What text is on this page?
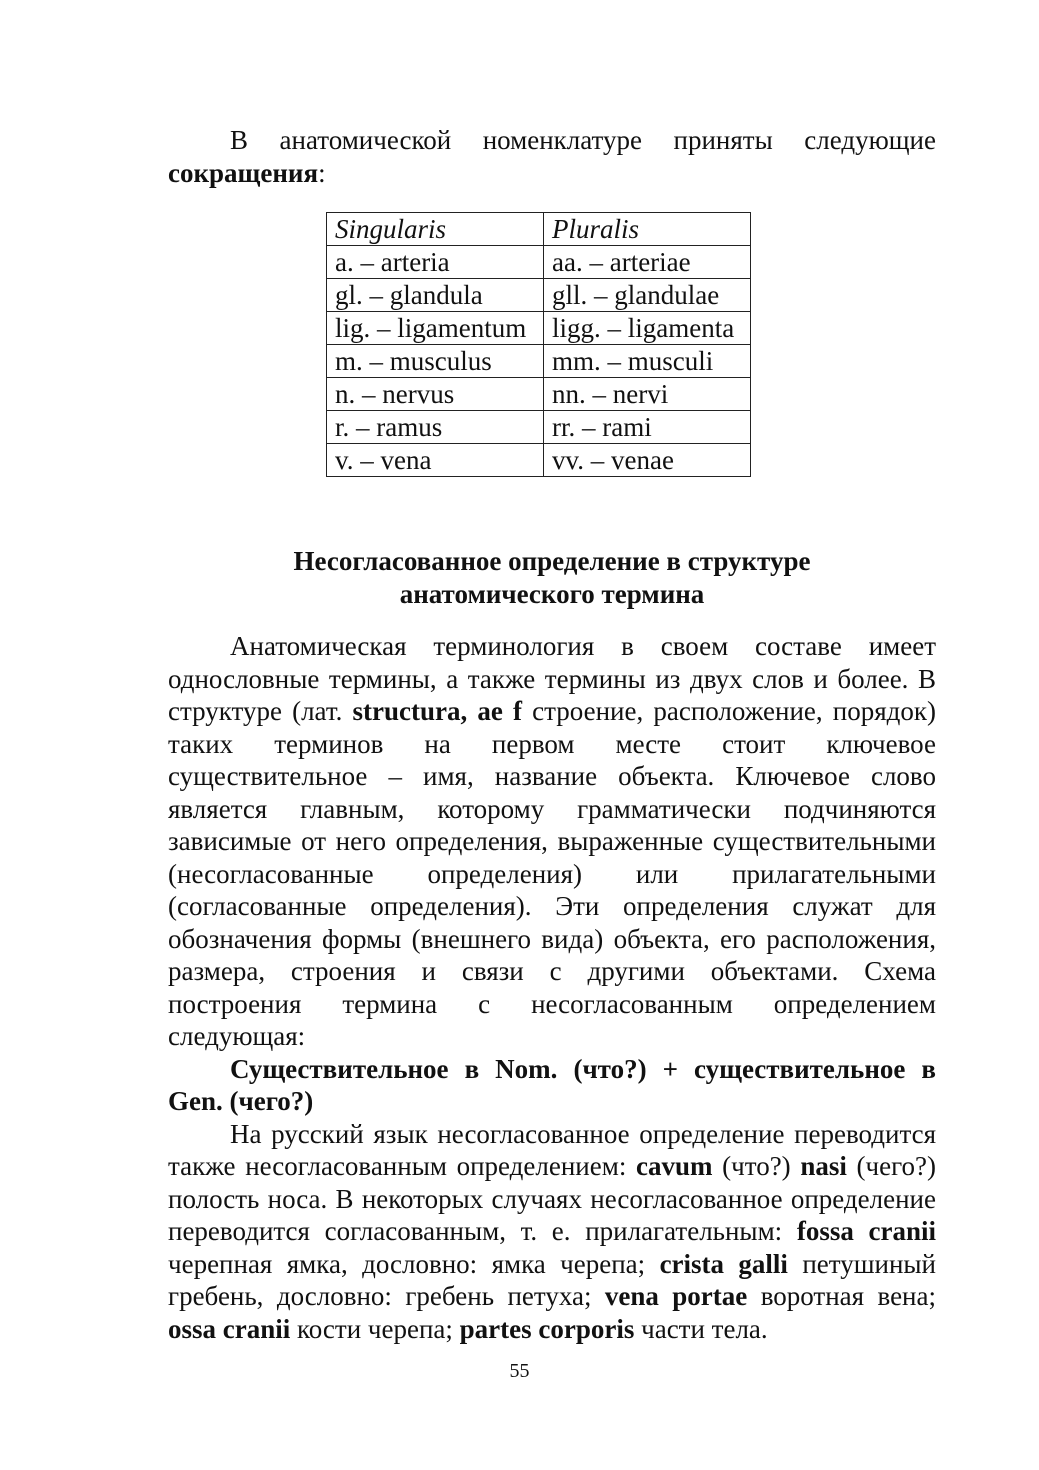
В анатомической номенклатуре приняты следующие сокращения:

Singularis	Pluralis
a. – arteria	aa. – arteriae
gl. – glandula	gll. – glandulae
lig. – ligamentum	ligg. – ligamenta
m. – musculus	mm. – musculi
n. – nervus	nn. – nervi
r. – ramus	rr. – rami
v. – vena	vv. – venae
Несогласованное определение в структуре
анатомического термина

Анатомическая терминология в своем составе имеет однословные термины, а также термины из двух слов и более. В структуре (лат. structura, ae f строение, расположение, порядок) таких терминов на первом месте стоит ключевое существительное – имя, название объекта. Ключевое слово является главным, которому грамматически подчиняются зависимые от него определения, выраженные существительными (несогласованные определения) или прилагательными (согласованные определения). Эти определения служат для обозначения формы (внешнего вида) объекта, его расположения, размера, строения и связи с другими объектами. Схема построения термина с несогласованным определением следующая:

Существительное в Nom. (что?) + существительное в Gen. (чего?)

На русский язык несогласованное определение переводится также несогласованным определением: cavum (что?) nasi (чего?) полость носа. В некоторых случаях несогласованное определение переводится согласованным, т. е. прилагательным: fossa cranii черепная ямка, дословно: ямка черепа; crista galli петушиный гребень, дословно: гребень петуха; vena portae воротная вена; ossa cranii кости черепа; partes corporis части тела.

55
